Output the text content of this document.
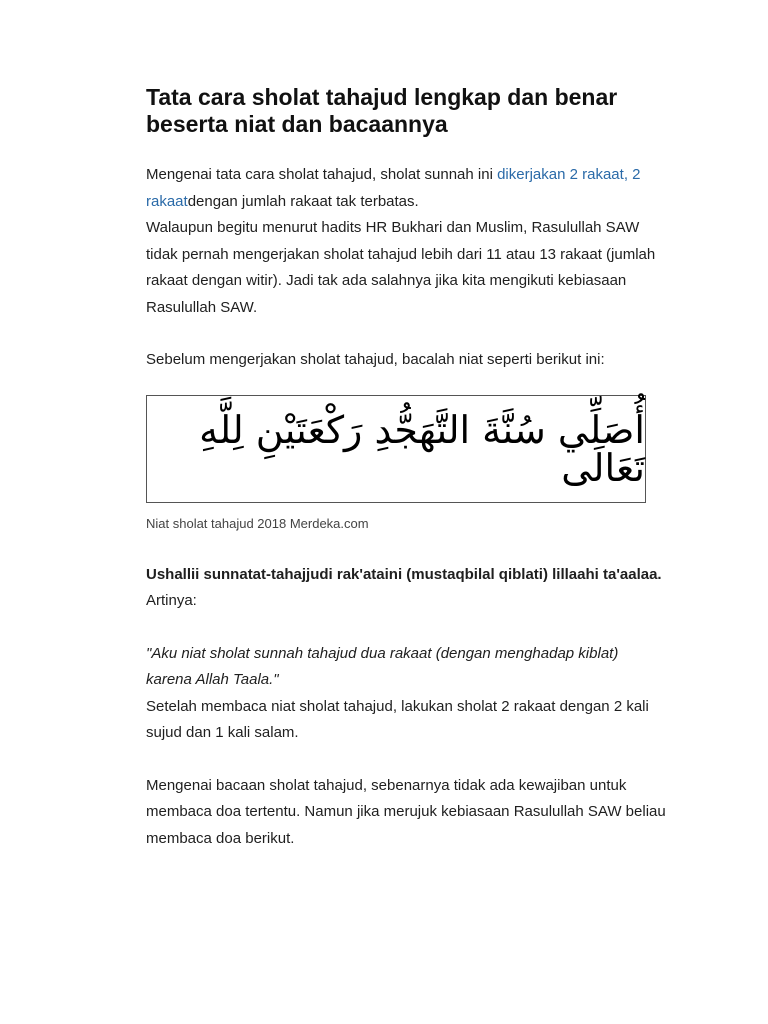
Tata cara sholat tahajud lengkap dan benar beserta niat dan bacaannya

Mengenai tata cara sholat tahajud, sholat sunnah ini dikerjakan 2 rakaat, 2 rakaatdengan jumlah rakaat tak terbatas.

Walaupun begitu menurut hadits HR Bukhari dan Muslim, Rasulullah SAW tidak pernah mengerjakan sholat tahajud lebih dari 11 atau 13 rakaat (jumlah rakaat dengan witir). Jadi tak ada salahnya jika kita mengikuti kebiasaan Rasulullah SAW.

Sebelum mengerjakan sholat tahajud, bacalah niat seperti berikut ini:

أُصَلِّي سُنَّةَ التَّهَجُّدِ رَكْعَتَيْنِ لِلَّهِ تَعَالَى
Niat sholat tahajud 2018 Merdeka.com

Ushallii sunnatat-tahajjudi rak'ataini (mustaqbilal qiblati) lillaahi ta'aalaa.

Artinya:

"Aku niat sholat sunnah tahajud dua rakaat (dengan menghadap kiblat) karena Allah Taala."

Setelah membaca niat sholat tahajud, lakukan sholat 2 rakaat dengan 2 kali sujud dan 1 kali salam.

Mengenai bacaan sholat tahajud, sebenarnya tidak ada kewajiban untuk membaca doa tertentu. Namun jika merujuk kebiasaan Rasulullah SAW beliau membaca doa berikut.
